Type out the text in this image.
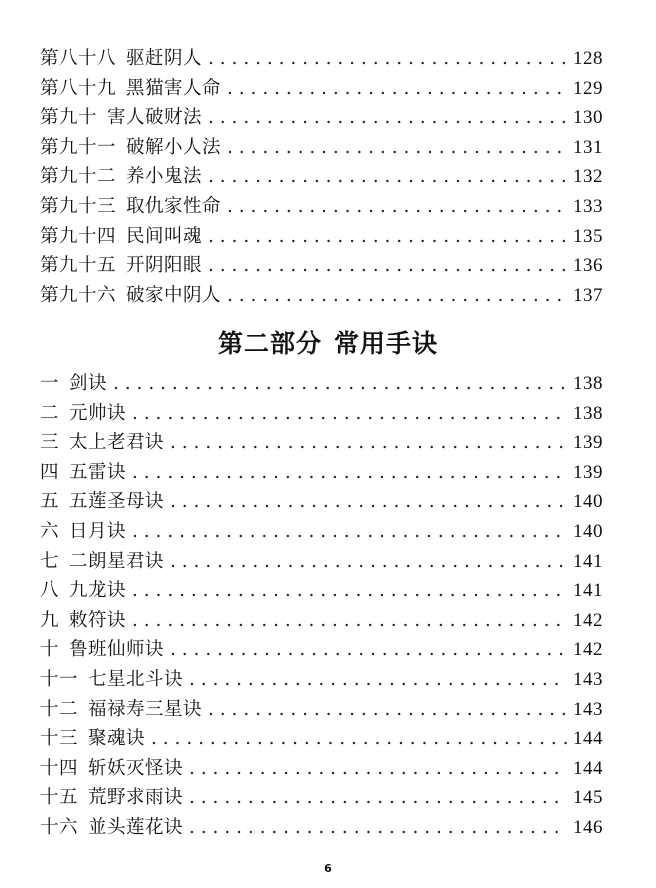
第八十八 驱赶阴人 . . .	128
第八十九 黑猫害人命 . . .	129
第九十 害人破财法 . . .	130
第九十一 破解小人法 . . .	131
第九十二 养小鬼法 . . .	132
第九十三 取仇家性命 . . .	133
第九十四 民间叫魂 . . .	135
第九十五 开阴阳眼 . . .	136
第九十六 破家中阴人 . . .	137
第二部分 常用手诀
一 剑诀 . . .	138
二 元帅诀 . . .	138
三 太上老君诀 . . .	139
四 五雷诀 . . .	139
五 五莲圣母诀 . . .	140
六 日月诀 . . .	140
七 二朗星君诀 . . .	141
八 九龙诀 . . .	141
九 敕符诀 . . .	142
十 鲁班仙师诀 . . .	142
十一 七星北斗诀 . . .	143
十二 福禄寿三星诀 . . .	143
十三 聚魂诀 . . .	144
十四 斩妖灭怪诀 . . .	144
十五 荒野求雨诀 . . .	145
十六 並头莲花诀 . . .	146
6
